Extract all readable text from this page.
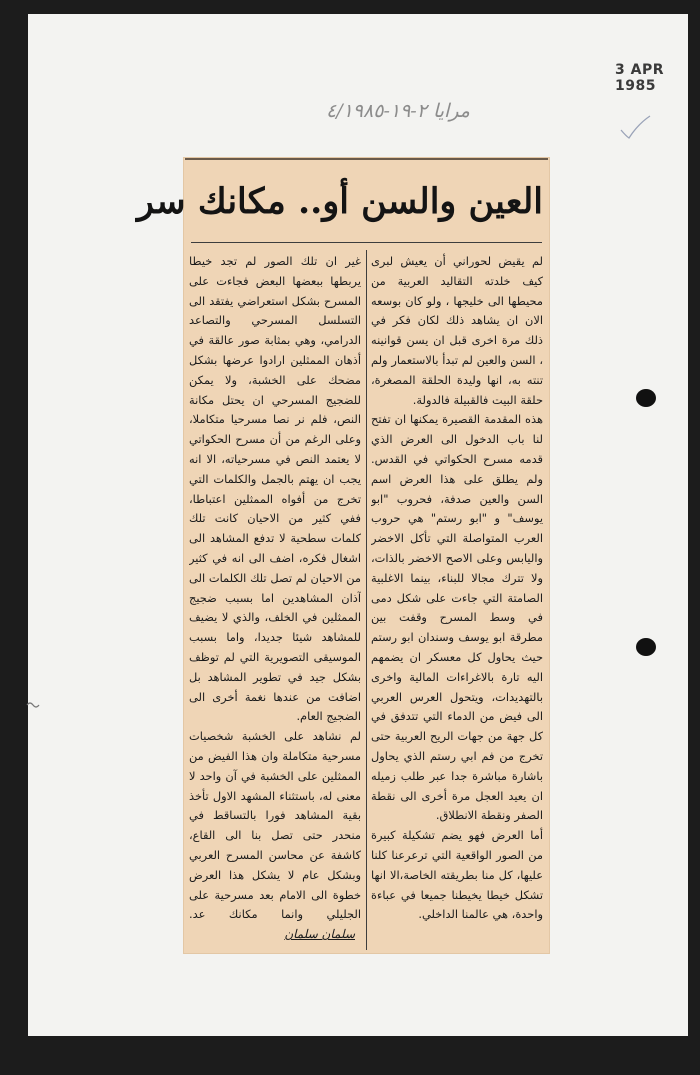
3 APR 1985
مرايا ٢-١٩-٤/١٩٨٥
العين والسن أو.. مكانك سر

لم يقيض لحوراني أن يعيش لبرى كيف خلدته التقاليد العربية من محيطها الى خليجها ، ولو كان بوسعه الان ان يشاهد ذلك لكان فكر في ذلك مرة اخرى قبل ان يسن قوانينه ، السن والعين لم تبدأ بالاستعمار ولم تنته به، انها وليدة الحلقة المصغرة، حلقة البيت فالقبيلة فالدولة.

هذه المقدمة القصيرة يمكنها ان تفتح لنا باب الدخول الى العرض الذي قدمه مسرح الحكواتي في القدس. ولم يطلق على هذا العرض اسم السن والعين صدفة، فحروب "ابو يوسف" و "ابو رستم" هي حروب العرب المتواصلة التي تأكل الاخضر واليابس وعلى الاصح الاخضر بالذات، ولا تترك مجالا للبناء، بينما الاغلبية الصامتة التي جاءت على شكل دمى في وسط المسرح وقفت بين مطرقة ابو يوسف وسندان ابو رستم حيث يحاول كل معسكر ان يضمهم اليه تارة بالاغراءات المالية واخرى بالتهديدات، ويتحول العرس العربي الى فيض من الدماء التي تتدفق في كل جهة من جهات الريح العربية حتى تخرج من فم ابي رستم الذي يحاول باشارة مباشرة جدا عبر طلب زميله ان يعيد العجل مرة أخرى الى نقطة الصفر ونقطة الانطلاق.

أما العرض فهو يضم تشكيلة كبيرة من الصور الواقعية التي ترعرعنا كلنا عليها، كل منا بطريقته الخاصة،الا انها تشكل خيطا يخيطنا جميعا في عباءة واحدة، هي عالمنا الداخلي.

غير ان تلك الصور لم تجد خيطا يربطها ببعضها البعض فجاءت على المسرح بشكل استعراضي يفتقد الى التسلسل المسرحي والتصاعد الدرامي، وهي بمثابة صور عالقة في أذهان الممثلين ارادوا عرضها بشكل مضحك على الخشبة، ولا يمكن للضجيج المسرحي ان يحتل مكانة النص، فلم نر نصا مسرحيا متكاملا، وعلى الرغم من أن مسرح الحكواتي لا يعتمد النص في مسرحياته، الا انه يجب ان يهتم بالجمل والكلمات التي تخرج من أفواه الممثلين اعتباطا، ففي كثير من الاحيان كانت تلك كلمات سطحية لا تدفع المشاهد الى اشغال فكره، اضف الى انه في كثير من الاحيان لم تصل تلك الكلمات الى آذان المشاهدين اما بسبب ضجيج الممثلين في الخلف، والذي لا يضيف للمشاهد شيئا جديدا، واما بسبب الموسيقى التصويرية التي لم توظف بشكل جيد في تطوير المشاهد بل اضافت من عندها نغمة أخرى الى الضجيج العام.

لم نشاهد على الخشبة شخصيات مسرحية متكاملة وان هذا الفيض من الممثلين على الخشبة في آن واحد لا معنى له، باستثناء المشهد الاول تأخذ بقية المشاهد فورا بالتساقط في منحدر حتى تصل بنا الى القاع، كاشفة عن محاسن المسرح العربي وبشكل عام لا يشكل هذا العرض خطوة الى الامام بعد مسرحية على الجليلي وانما مكانك عد. سلمان سلمان
